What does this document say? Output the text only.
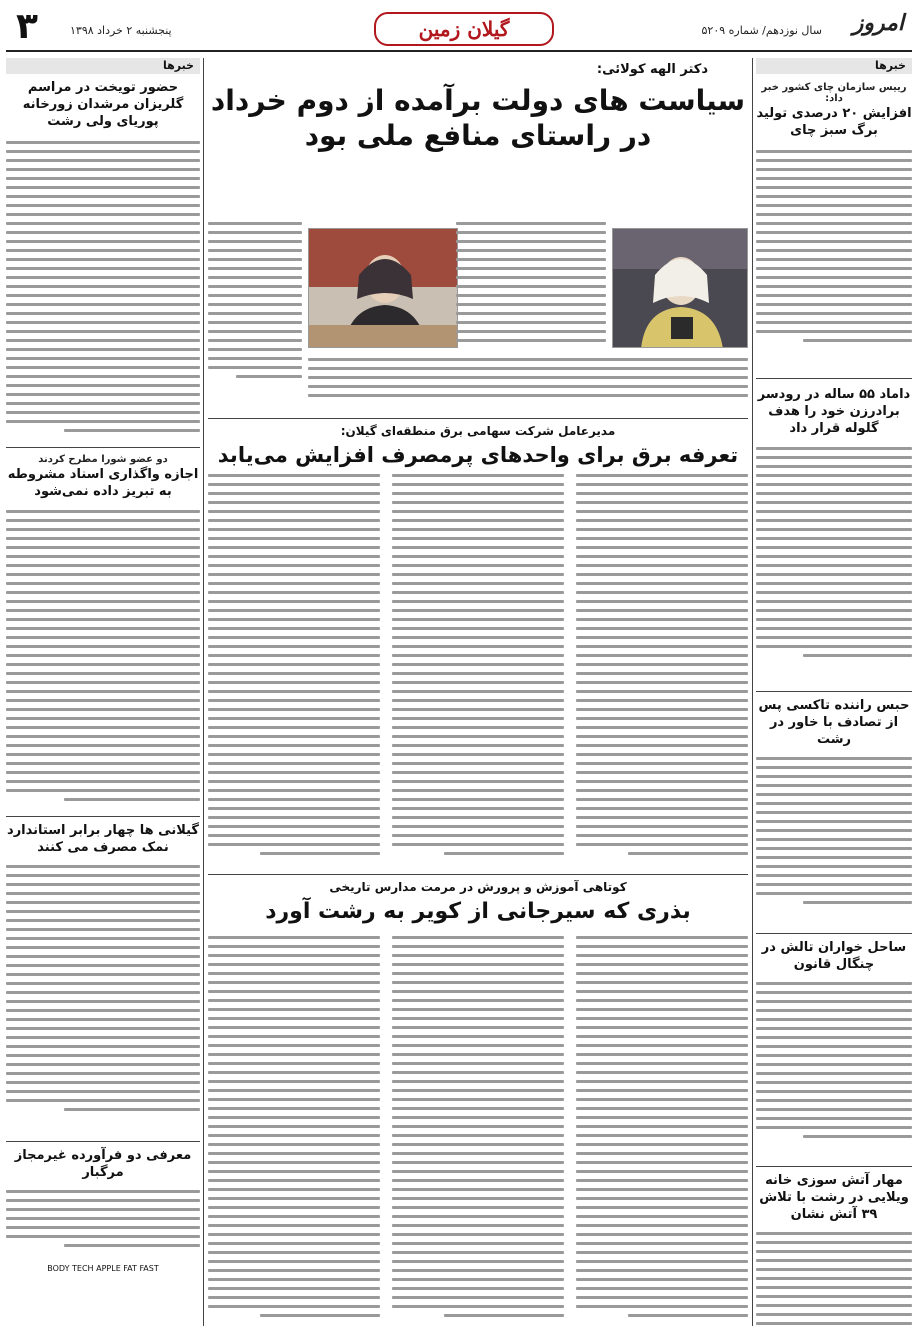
امروز
سال نوزدهم/ شماره ۵۲۰۹
گیلان زمین
پنجشنبه ۲ خرداد ۱۳۹۸
۳
خبرها
رییس سازمان چای کشور خبر داد:
افزایش ۲۰ درصدی تولید برگ سبز چای
داماد ۵۵ ساله در رودسر برادرزن خود را هدف گلوله قرار داد
حبس راننده تاکسی پس از تصادف با خاور در رشت
ساحل خواران تالش در چنگال قانون
مهار آتش سوزی خانه ویلایی در رشت با تلاش ۳۹ آتش نشان
خبرها
حضور تویخت در مراسم گلریزان مرشدان زورخانه پوریای ولی رشت
دو عضو شورا مطرح کردند
اجازه واگذاری اسناد مشروطه به تبریز داده نمی‌شود
گیلانی ها چهار برابر استاندارد نمک مصرف می کنند
معرفی دو فرآورده غیرمجاز مرگبار
BODY TECH APPLE FAT FAST
دکتر الهه کولائی:
سیاست های دولت برآمده از دوم خرداد
در راستای منافع ملی بود
مدیرعامل شرکت سهامی برق منطقه‌ای گیلان:
تعرفه برق برای واحدهای پرمصرف افزایش می‌یابد
کوتاهی آموزش و پرورش در مرمت مدارس تاریخی
بذری که سیرجانی از کویر به رشت آورد
